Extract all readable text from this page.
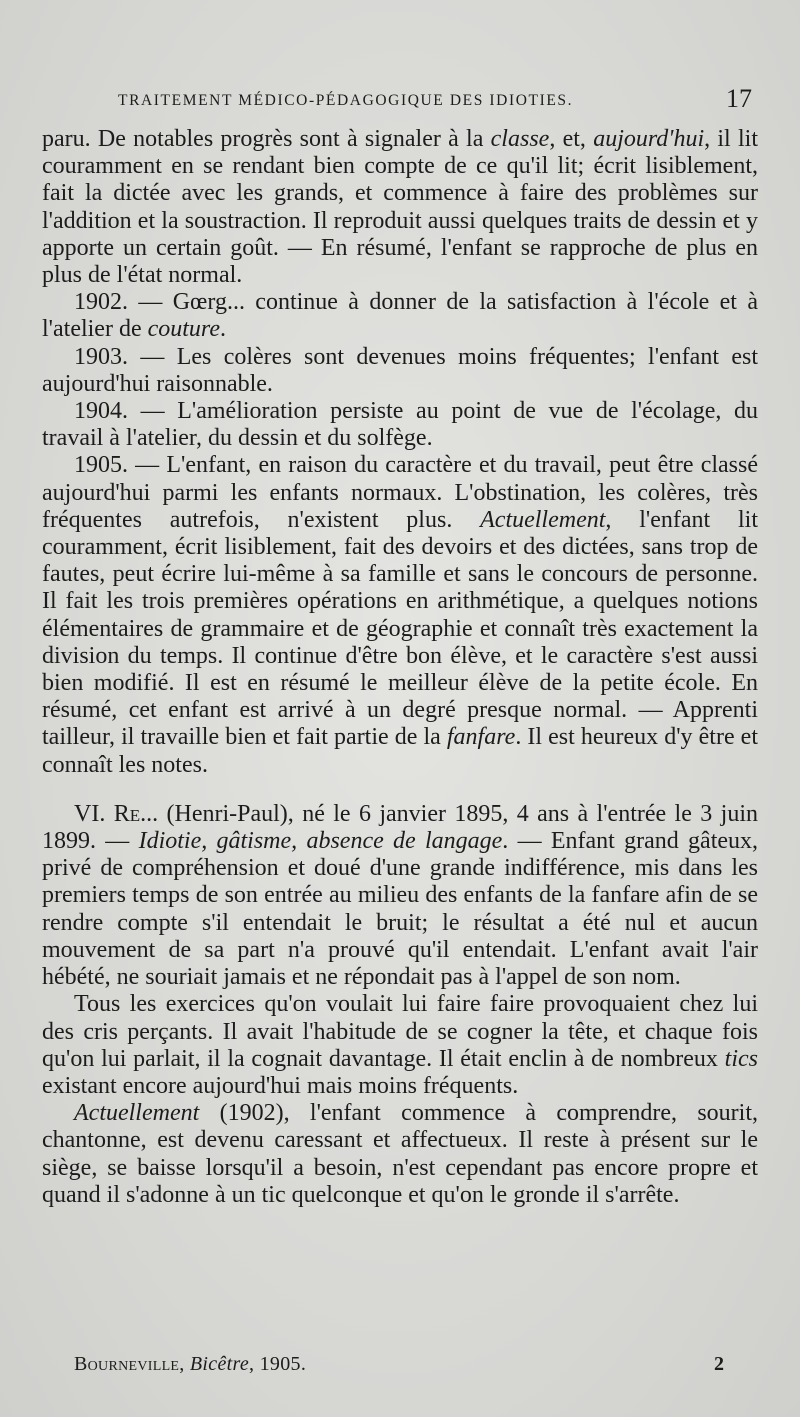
TRAITEMENT MÉDICO-PÉDAGOGIQUE DES IDIOTIES.	17

paru. De notables progrès sont à signaler à la classe, et, aujourd'hui, il lit couramment en se rendant bien compte de ce qu'il lit; écrit lisiblement, fait la dictée avec les grands, et commence à faire des problèmes sur l'addition et la soustraction. Il reproduit aussi quelques traits de dessin et y apporte un certain goût. — En résumé, l'enfant se rapproche de plus en plus de l'état normal.

1902. — Gœrg... continue à donner de la satisfaction à l'école et à l'atelier de couture.

1903. — Les colères sont devenues moins fréquentes; l'enfant est aujourd'hui raisonnable.

1904. — L'amélioration persiste au point de vue de l'écolage, du travail à l'atelier, du dessin et du solfège.

1905. — L'enfant, en raison du caractère et du travail, peut être classé aujourd'hui parmi les enfants normaux. L'obstination, les colères, très fréquentes autrefois, n'existent plus. Actuellement, l'enfant lit couramment, écrit lisiblement, fait des devoirs et des dictées, sans trop de fautes, peut écrire lui-même à sa famille et sans le concours de personne. Il fait les trois premières opérations en arithmétique, a quelques notions élémentaires de grammaire et de géographie et connaît très exactement la division du temps. Il continue d'être bon élève, et le caractère s'est aussi bien modifié. Il est en résumé le meilleur élève de la petite école. En résumé, cet enfant est arrivé à un degré presque normal. — Apprenti tailleur, il travaille bien et fait partie de la fanfare. Il est heureux d'y être et connaît les notes.

VI. Re... (Henri-Paul), né le 6 janvier 1895, 4 ans à l'entrée le 3 juin 1899. — Idiotie, gâtisme, absence de langage. — Enfant grand gâteux, privé de compréhension et doué d'une grande indifférence, mis dans les premiers temps de son entrée au milieu des enfants de la fanfare afin de se rendre compte s'il entendait le bruit; le résultat a été nul et aucun mouvement de sa part n'a prouvé qu'il entendait. L'enfant avait l'air hébété, ne souriait jamais et ne répondait pas à l'appel de son nom.

Tous les exercices qu'on voulait lui faire faire provoquaient chez lui des cris perçants. Il avait l'habitude de se cogner la tête, et chaque fois qu'on lui parlait, il la cognait davantage. Il était enclin à de nombreux tics existant encore aujourd'hui mais moins fréquents.

Actuellement (1902), l'enfant commence à comprendre, sourit, chantonne, est devenu caressant et affectueux. Il reste à présent sur le siège, se baisse lorsqu'il a besoin, n'est cependant pas encore propre et quand il s'adonne à un tic quelconque et qu'on le gronde il s'arrête.

Bourneville, Bicêtre, 1905.	2
